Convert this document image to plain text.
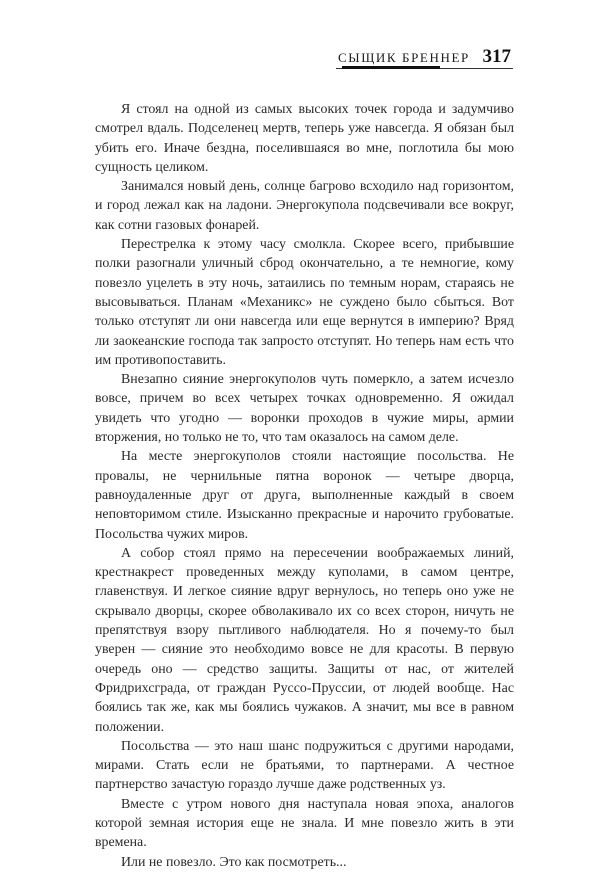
СЫЩИК БРЕННЕР 317

Я стоял на одной из самых высоких точек города и задумчиво смотрел вдаль. Подселенец мертв, теперь уже навсегда. Я обязан был убить его. Иначе бездна, поселившаяся во мне, поглотила бы мою сущность целиком.

Занимался новый день, солнце багрово всходило над горизонтом, и город лежал как на ладони. Энергокупола подсвечивали все вокруг, как сотни газовых фонарей.

Перестрелка к этому часу смолкла. Скорее всего, прибывшие полки разогнали уличный сброд окончательно, а те немногие, кому повезло уцелеть в эту ночь, затаились по темным норам, стараясь не высовываться. Планам «Механикс» не суждено было сбыться. Вот только отступят ли они навсегда или еще вернутся в империю? Вряд ли заокеанские господа так запросто отступят. Но теперь нам есть что им противопоставить.

Внезапно сияние энергокуполов чуть померкло, а затем исчезло вовсе, причем во всех четырех точках одновременно. Я ожидал увидеть что угодно — воронки проходов в чужие миры, армии вторжения, но только не то, что там оказалось на самом деле.

На месте энергокуполов стояли настоящие посольства. Не провалы, не чернильные пятна воронок — четыре дворца, равноудаленные друг от друга, выполненные каждый в своем неповторимом стиле. Изысканно прекрасные и нарочито грубоватые. Посольства чужих миров.

А собор стоял прямо на пересечении воображаемых линий, крестнакрест проведенных между куполами, в самом центре, главенствуя. И легкое сияние вдруг вернулось, но теперь оно уже не скрывало дворцы, скорее обволакивало их со всех сторон, ничуть не препятствуя взору пытливого наблюдателя. Но я почему-то был уверен — сияние это необходимо вовсе не для красоты. В первую очередь оно — средство защиты. Защиты от нас, от жителей Фридрихсграда, от граждан Руссо-Пруссии, от людей вообще. Нас боялись так же, как мы боялись чужаков. А значит, мы все в равном положении.

Посольства — это наш шанс подружиться с другими народами, мирами. Стать если не братьями, то партнерами. А честное партнерство зачастую гораздо лучше даже родственных уз.

Вместе с утром нового дня наступала новая эпоха, аналогов которой земная история еще не знала. И мне повезло жить в эти времена.

Или не повезло. Это как посмотреть...
